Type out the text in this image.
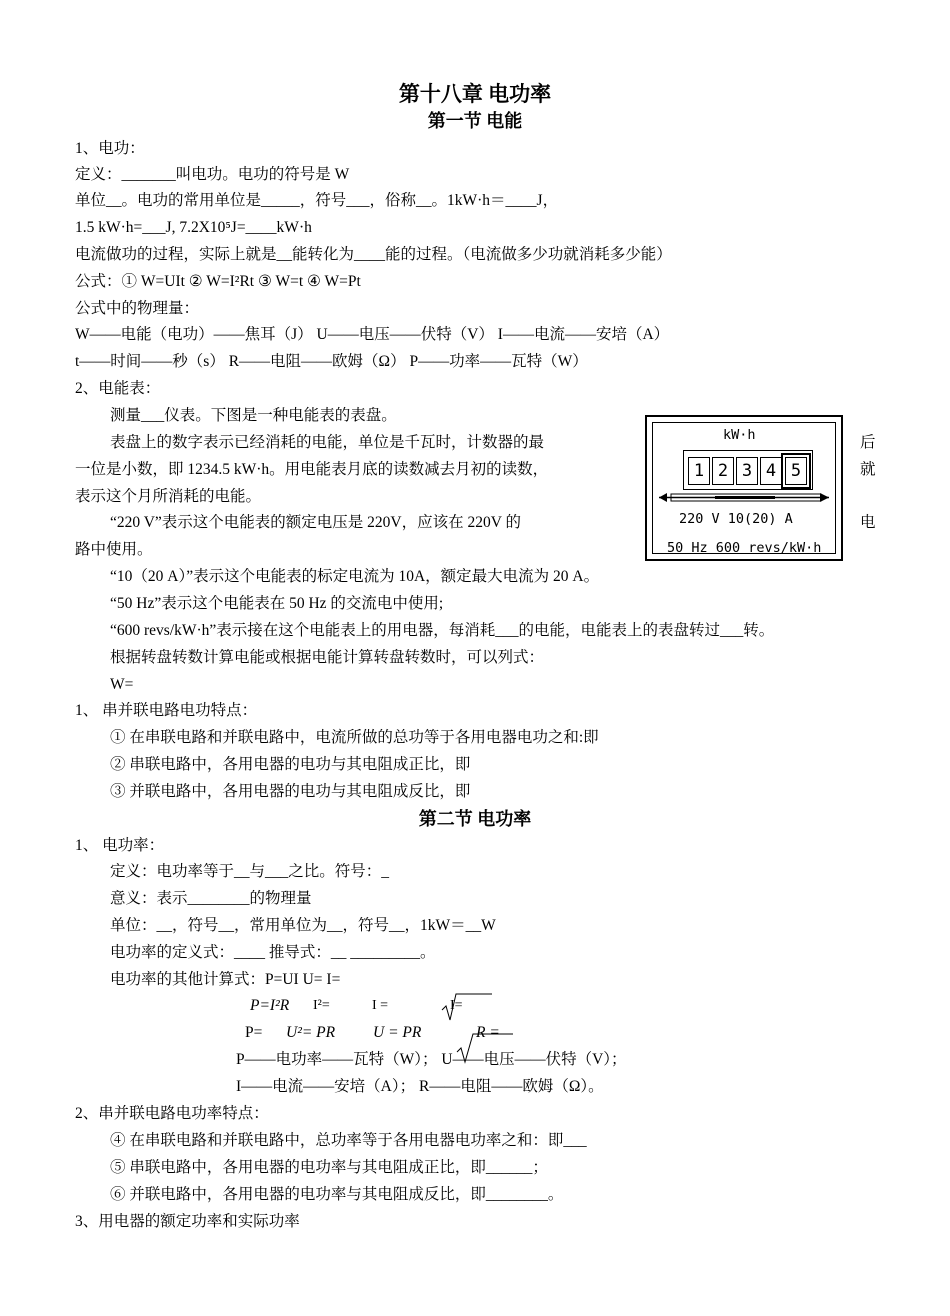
第十八章 电功率
第一节 电能
1、电功：
定义：_______叫电功。电功的符号是 W
单位__。电功的常用单位是_____，符号___，俗称__。1kW·h＝____J，
1.5 kW·h=___J, 7.2X10⁵J=____kW·h
电流做功的过程，实际上就是__能转化为____能的过程。（电流做多少功就消耗多少能）
公式：① W=UIt ② W=I²Rt ③ W=t ④ W=Pt
公式中的物理量：
W——电能（电功）——焦耳（J） U——电压——伏特（V） I——电流——安培（A）
t——时间——秒（s） R——电阻——欧姆（Ω） P——功率——瓦特（W）
2、电能表：
测量___仪表。下图是一种电能表的表盘。
表盘上的数字表示已经消耗的电能，单位是千瓦时，计数器的最	后
一位是小数，即 1234.5 kW·h。用电能表月底的读数减去月初的读数，	就
表示这个月所消耗的电能。
“220 V”表示这个电能表的额定电压是 220V，应该在 220V 的	电
路中使用。
“10（20 A）”表示这个电能表的标定电流为 10A，额定最大电流为 20 A。
“50 Hz”表示这个电能表在 50 Hz 的交流电中使用;
“600 revs/kW·h”表示接在这个电能表上的用电器，每消耗___的电能，电能表上的表盘转过___转。
根据转盘转数计算电能或根据电能计算转盘转数时，可以列式：
W=
1、 串并联电路电功特点：
① 在串联电路和并联电路中，电流所做的总功等于各用电器电功之和:即
② 串联电路中，各用电器的电功与其电阻成正比，即
③ 并联电路中，各用电器的电功与其电阻成反比，即
kW·h
1 2 3 4 5
220 V 10(20) A
50 Hz 600 revs/kW·h
第二节 电功率
1、 电功率：
定义：电功率等于__与___之比。符号：_
意义：表示________的物理量
单位：__，符号__，常用单位为__，符号__，1kW＝__W
电功率的定义式：____ 推导式：__ _________。
电功率的其他计算式：P=UI U= I=
P=I²R I²=	I =	I=
P= U²= PR U = PR	R =
P——电功率——瓦特（W）； U——电压——伏特（V）；
I——电流——安培（A）； R——电阻——欧姆（Ω）。
2、串并联电路电功率特点：
④ 在串联电路和并联电路中，总功率等于各用电器电功率之和：即___
⑤ 串联电路中，各用电器的电功率与其电阻成正比，即______；
⑥ 并联电路中，各用电器的电功率与其电阻成反比，即________。
3、用电器的额定功率和实际功率
